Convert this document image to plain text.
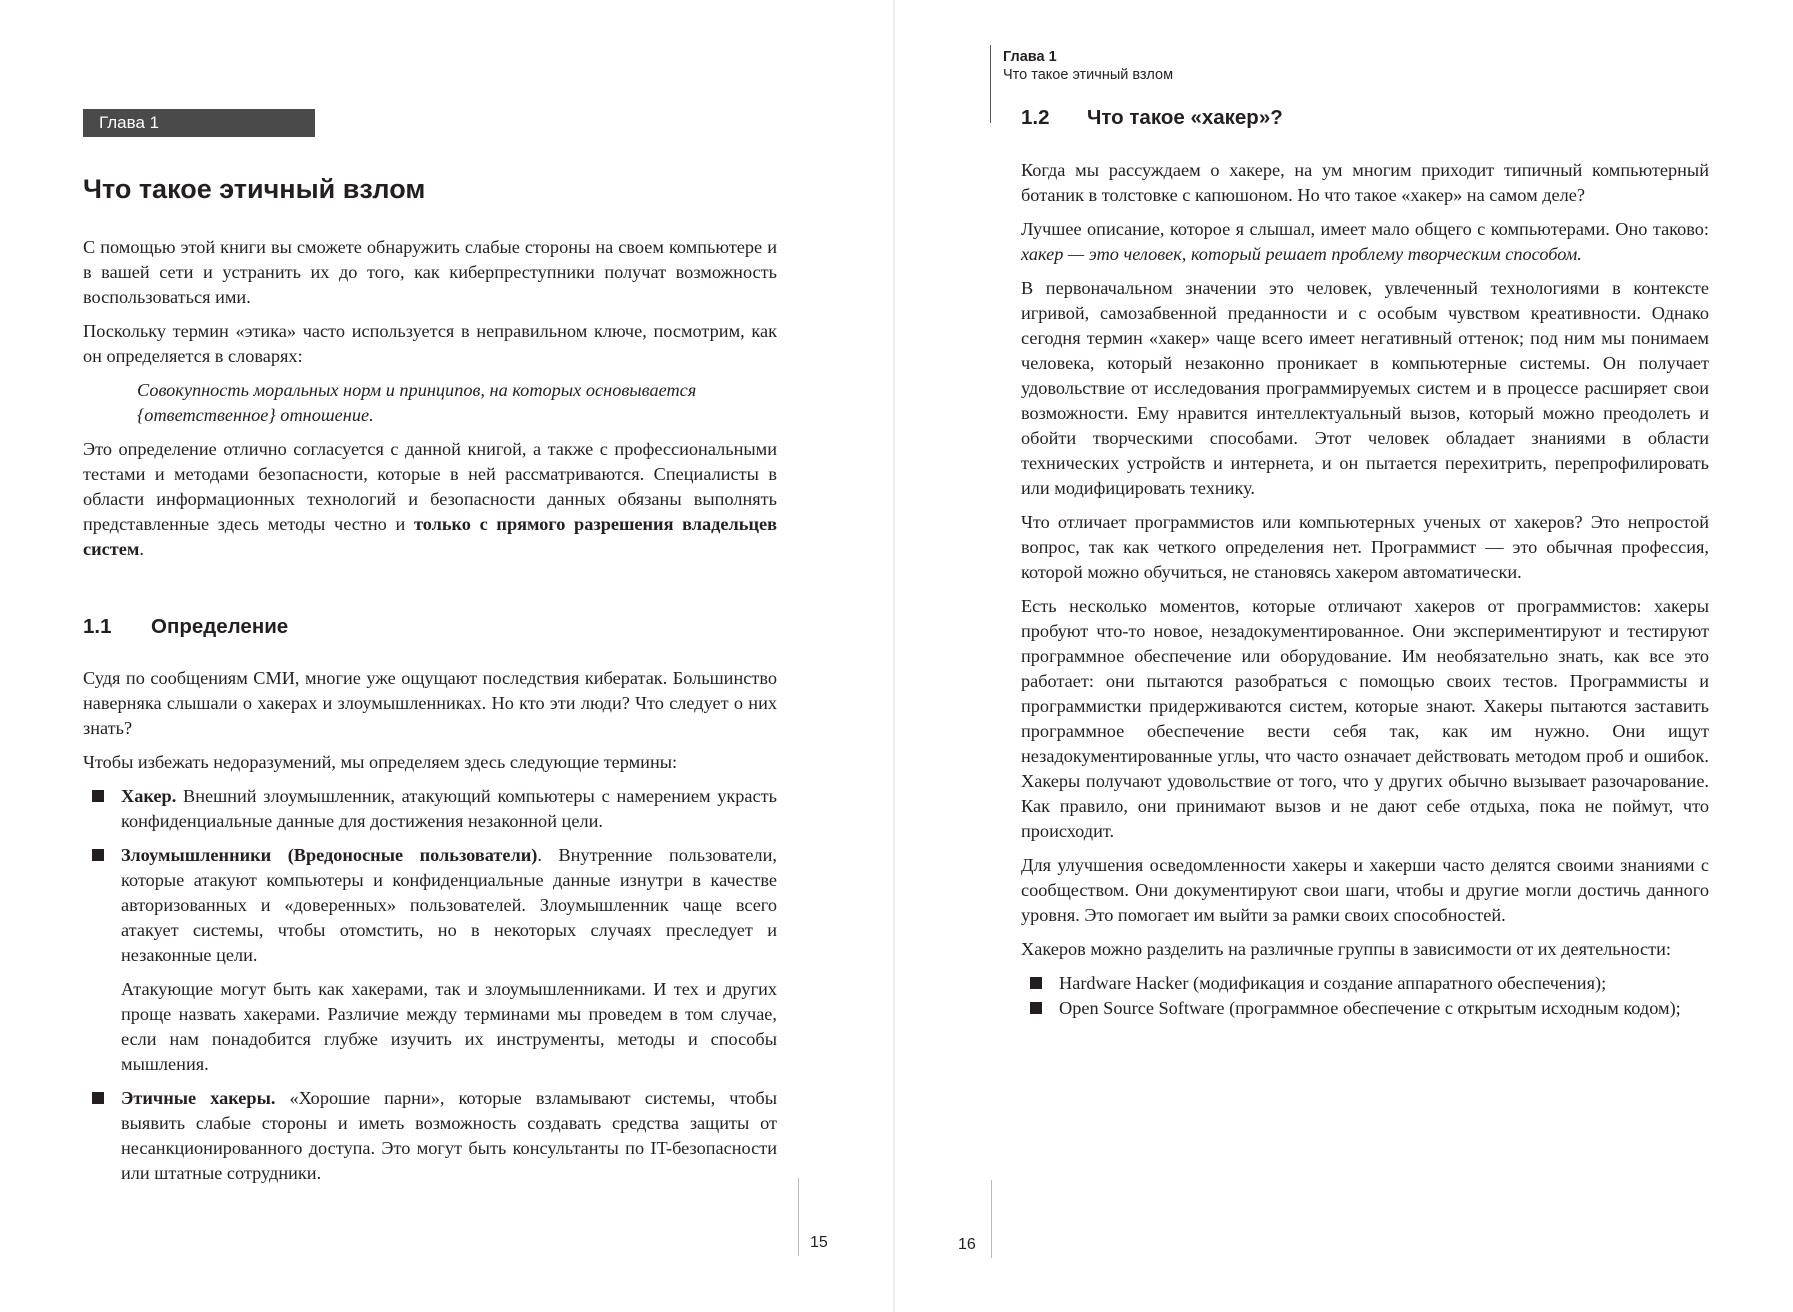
Глава 1
Что такое этичный взлом

С помощью этой книги вы сможете обнаружить слабые стороны на своем компьютере и в вашей сети и устранить их до того, как киберпреступники получат возможность воспользоваться ими.

Поскольку термин «этика» часто используется в неправильном ключе, посмотрим, как он определяется в словарях:

Совокупность моральных норм и принципов, на которых основывается {ответственное} отношение.

Это определение отлично согласуется с данной книгой, а также с профессиональными тестами и методами безопасности, которые в ней рассматриваются. Специалисты в области информационных технологий и безопасности данных обязаны выполнять представленные здесь методы честно и только с прямого разрешения владельцев систем.

1.1 Определение

Судя по сообщениям СМИ, многие уже ощущают последствия кибератак. Большинство наверняка слышали о хакерах и злоумышленниках. Но кто эти люди? Что следует о них знать?

Чтобы избежать недоразумений, мы определяем здесь следующие термины:

Хакер. Внешний злоумышленник, атакующий компьютеры с намерением украсть конфиденциальные данные для достижения незаконной цели.

Злоумышленники (Вредоносные пользователи). Внутренние пользователи, которые атакуют компьютеры и конфиденциальные данные изнутри в качестве авторизованных и «доверенных» пользователей. Злоумышленник чаще всего атакует системы, чтобы отомстить, но в некоторых случаях преследует и незаконные цели.

Атакующие могут быть как хакерами, так и злоумышленниками. И тех и других проще назвать хакерами. Различие между терминами мы проведем в том случае, если нам понадобится глубже изучить их инструменты, методы и способы мышления.

Этичные хакеры. «Хорошие парни», которые взламывают системы, чтобы выявить слабые стороны и иметь возможность создавать средства защиты от несанкционированного доступа. Это могут быть консультанты по IT-безопасности или штатные сотрудники.

15
Глава 1
Что такое этичный взлом
1.2 Что такое «хакер»?

Когда мы рассуждаем о хакере, на ум многим приходит типичный компьютерный ботаник в толстовке с капюшоном. Но что такое «хакер» на самом деле?

Лучшее описание, которое я слышал, имеет мало общего с компьютерами. Оно таково: хакер — это человек, который решает проблему творческим способом.

В первоначальном значении это человек, увлеченный технологиями в контексте игривой, самозабвенной преданности и с особым чувством креативности. Однако сегодня термин «хакер» чаще всего имеет негативный оттенок; под ним мы понимаем человека, который незаконно проникает в компьютерные системы. Он получает удовольствие от исследования программируемых систем и в процессе расширяет свои возможности. Ему нравится интеллектуальный вызов, который можно преодолеть и обойти творческими способами. Этот человек обладает знаниями в области технических устройств и интернета, и он пытается перехитрить, перепрофилировать или модифицировать технику.

Что отличает программистов или компьютерных ученых от хакеров? Это непростой вопрос, так как четкого определения нет. Программист — это обычная профессия, которой можно обучиться, не становясь хакером автоматически.

Есть несколько моментов, которые отличают хакеров от программистов: хакеры пробуют что-то новое, незадокументированное. Они экспериментируют и тестируют программное обеспечение или оборудование. Им необязательно знать, как все это работает: они пытаются разобраться с помощью своих тестов. Программисты и программистки придерживаются систем, которые знают. Хакеры пытаются заставить программное обеспечение вести себя так, как им нужно. Они ищут незадокументированные углы, что часто означает действовать методом проб и ошибок. Хакеры получают удовольствие от того, что у других обычно вызывает разочарование. Как правило, они принимают вызов и не дают себе отдыха, пока не поймут, что происходит.

Для улучшения осведомленности хакеры и хакерши часто делятся своими знаниями с сообществом. Они документируют свои шаги, чтобы и другие могли достичь данного уровня. Это помогает им выйти за рамки своих способностей.

Хакеров можно разделить на различные группы в зависимости от их деятельности:

Hardware Hacker (модификация и создание аппаратного обеспечения);

Open Source Software (программное обеспечение с открытым исходным кодом);

16
